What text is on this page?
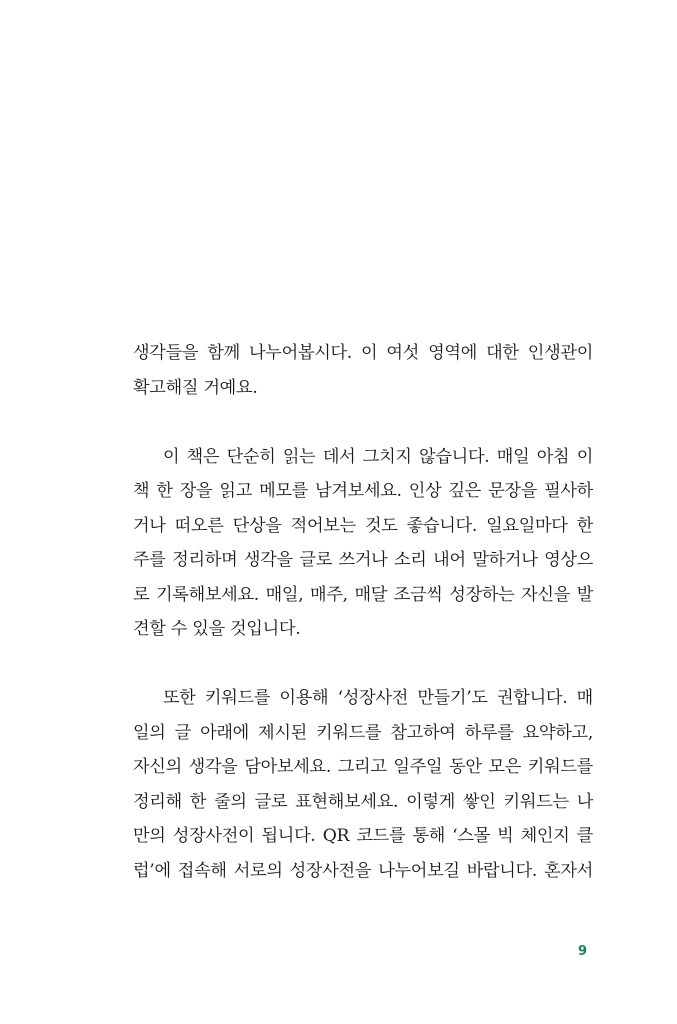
생각들을 함께 나누어봅시다. 이 여섯 영역에 대한 인생관이
확고해질 거예요.
이 책은 단순히 읽는 데서 그치지 않습니다. 매일 아침 이
책 한 장을 읽고 메모를 남겨보세요. 인상 깊은 문장을 필사하
거나 떠오른 단상을 적어보는 것도 좋습니다. 일요일마다 한
주를 정리하며 생각을 글로 쓰거나 소리 내어 말하거나 영상으
로 기록해보세요. 매일, 매주, 매달 조금씩 성장하는 자신을 발
견할 수 있을 것입니다.
또한 키워드를 이용해 ‘성장사전 만들기’도 권합니다. 매
일의 글 아래에 제시된 키워드를 참고하여 하루를 요약하고,
자신의 생각을 담아보세요. 그리고 일주일 동안 모은 키워드를
정리해 한 줄의 글로 표현해보세요. 이렇게 쌓인 키워드는 나
만의 성장사전이 됩니다. QR 코드를 통해 ‘스몰 빅 체인지 클
럽’에 접속해 서로의 성장사전을 나누어보길 바랍니다. 혼자서
9
